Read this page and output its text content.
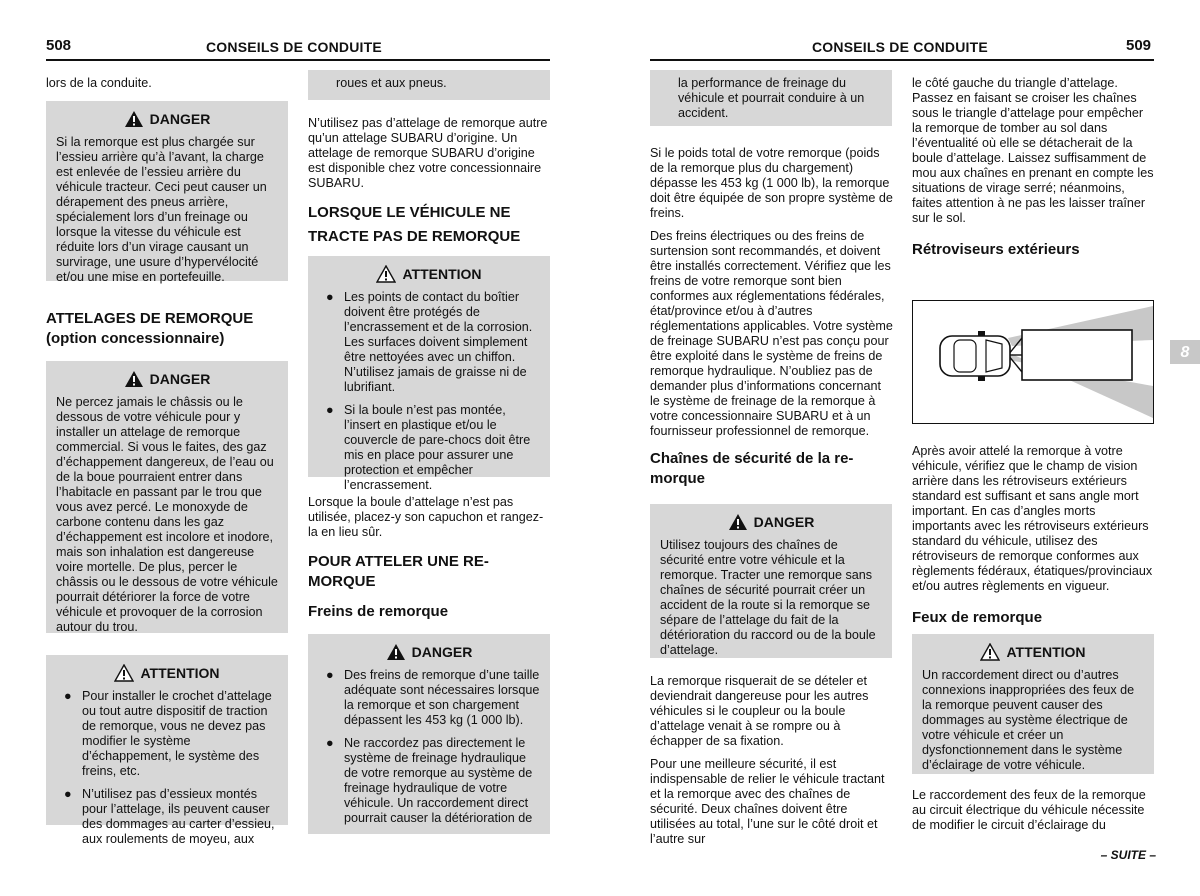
508	CONSEILS DE CONDUITE

lors de la conduite.

DANGER

Si la remorque est plus chargée sur l’essieu arrière qu’à l’avant, la charge est enlevée de l’essieu arrière du véhicule tracteur. Ceci peut causer un dérapement des pneus arrière, spécialement lors d’un freinage ou lorsque la vitesse du véhicule est réduite lors d’un virage causant un survirage, une usure d’hypervélocité et/ou une mise en portefeuille.

ATTELAGES DE REMORQUE
(option concessionnaire)
DANGER

Ne percez jamais le châssis ou le dessous de votre véhicule pour y installer un attelage de remorque commercial. Si vous le faites, des gaz d’échappement dangereux, de l’eau ou de la boue pourraient entrer dans l’habitacle en passant par le trou que vous avez percé. Le monoxyde de carbone contenu dans les gaz d’échappement est incolore et inodore, mais son inhalation est dangereuse voire mortelle. De plus, percer le châssis ou le dessous de votre véhicule pourrait détériorer la force de votre véhicule et provoquer de la corrosion autour du trou.

ATTENTION
● Pour installer le crochet d’attelage ou tout autre dispositif de traction de remorque, vous ne devez pas modifier le système d’échappement, le système des freins, etc.
● N’utilisez pas d’essieux montés pour l’attelage, ils peuvent causer des dommages au carter d’essieu, aux roulements de moyeu, aux

roues et aux pneus.

N’utilisez pas d’attelage de remorque autre qu’un attelage SUBARU d’origine. Un attelage de remorque SUBARU d’origine est disponible chez votre concessionnaire SUBARU.

LORSQUE LE VÉHICULE NE
TRACTE PAS DE REMORQUE
ATTENTION
● Les points de contact du boîtier doivent être protégés de l’encrassement et de la corrosion. Les surfaces doivent simplement être nettoyées avec un chiffon. N’utilisez jamais de graisse ni de lubrifiant.
● Si la boule n’est pas montée, l’insert en plastique et/ou le couvercle de pare-chocs doit être mis en place pour assurer une protection et empêcher l’encrassement.

Lorsque la boule d’attelage n’est pas utilisée, placez-y son capuchon et rangez-la en lieu sûr.

POUR ATTELER UNE RE-
MORQUE
Freins de remorque
DANGER
● Des freins de remorque d’une taille adéquate sont nécessaires lorsque la remorque et son chargement dépassent les 453 kg (1 000 lb).
● Ne raccordez pas directement le système de freinage hydraulique de votre remorque au système de freinage hydraulique de votre véhicule. Un raccordement direct pourrait causer la détérioration de
CONSEILS DE CONDUITE	509

la performance de freinage du véhicule et pourrait conduire à un accident.

Si le poids total de votre remorque (poids de la remorque plus du chargement) dépasse les 453 kg (1 000 lb), la remorque doit être équipée de son propre système de freins.

Des freins électriques ou des freins de surtension sont recommandés, et doivent être installés correctement. Vérifiez que les freins de votre remorque sont bien conformes aux réglementations fédérales, état/province et/ou à d’autres réglementations applicables. Votre système de freinage SUBARU n’est pas conçu pour être exploité dans le système de freins de remorque hydraulique. N’oubliez pas de demander plus d’informations concernant le système de freinage de la remorque à votre concessionnaire SUBARU et à un fournisseur professionnel de remorque.

Chaînes de sécurité de la re-
morque
DANGER

Utilisez toujours des chaînes de sécurité entre votre véhicule et la remorque. Tracter une remorque sans chaînes de sécurité pourrait créer un accident de la route si la remorque se sépare de l’attelage du fait de la détérioration du raccord ou de la boule d’attelage.

La remorque risquerait de se dételer et deviendrait dangereuse pour les autres véhicules si le coupleur ou la boule d’attelage venait à se rompre ou à échapper de sa fixation.

Pour une meilleure sécurité, il est indispensable de relier le véhicule tractant et la remorque avec des chaînes de sécurité. Deux chaînes doivent être utilisées au total, l’une sur le côté droit et l’autre sur

le côté gauche du triangle d’attelage. Passez en faisant se croiser les chaînes sous le triangle d’attelage pour empêcher la remorque de tomber au sol dans l’éventualité où elle se détacherait de la boule d’attelage. Laissez suffisamment de mou aux chaînes en prenant en compte les situations de virage serré; néanmoins, faites attention à ne pas les laisser traîner sur le sol.

Rétroviseurs extérieurs

Après avoir attelé la remorque à votre véhicule, vérifiez que le champ de vision arrière dans les rétroviseurs extérieurs standard est suffisant et sans angle mort important. En cas d’angles morts importants avec les rétroviseurs extérieurs standard du véhicule, utilisez des rétroviseurs de remorque conformes aux règlements fédéraux, étatiques/provinciaux et/ou autres règlements en vigueur.

Feux de remorque
ATTENTION

Un raccordement direct ou d’autres connexions inappropriées des feux de la remorque peuvent causer des dommages au système électrique de votre véhicule et créer un dysfonctionnement dans le système d’éclairage de votre véhicule.

Le raccordement des feux de la remorque au circuit électrique du véhicule nécessite de modifier le circuit d’éclairage du

8
– SUITE –
